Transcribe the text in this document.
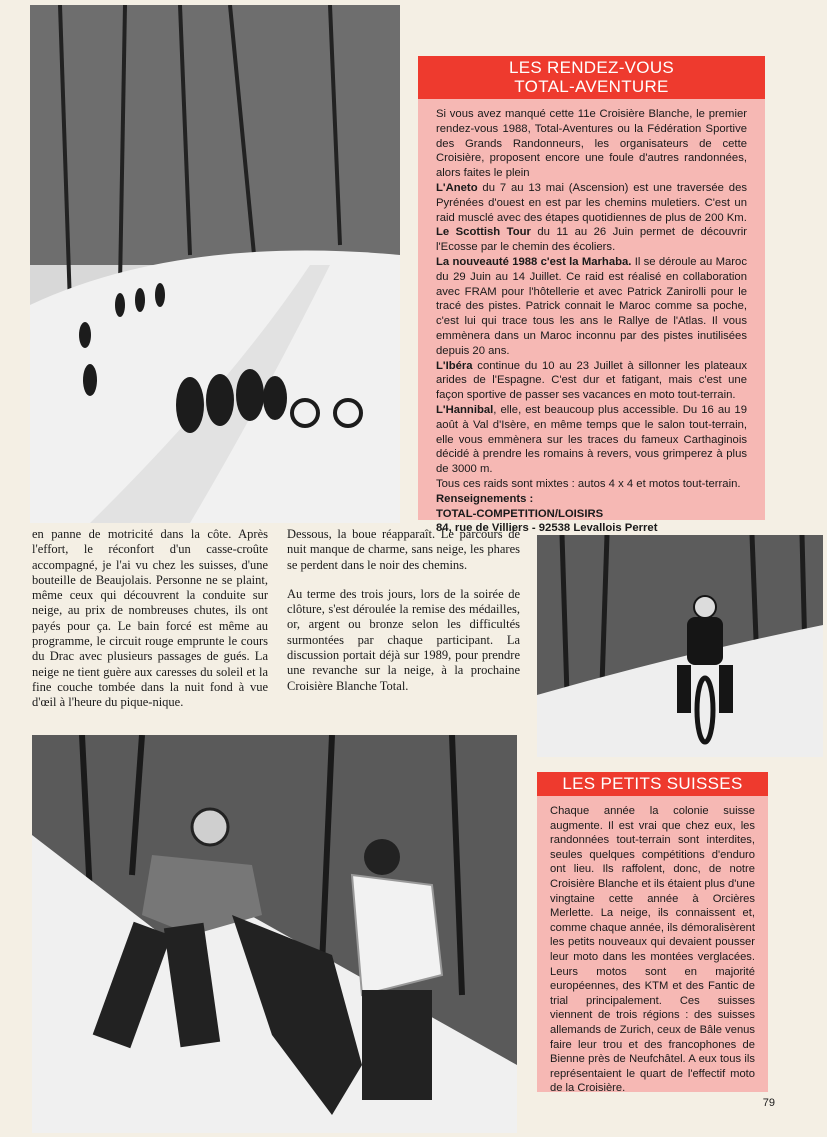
LES RENDEZ-VOUS
TOTAL-AVENTURE

Si vous avez manqué cette 11e Croisière Blanche, le premier rendez-vous 1988, Total-Aventures ou la Fédération Sportive des Grands Randonneurs, les organisateurs de cette Croisière, proposent encore une foule d'autres randonnées, alors faites le plein

L'Aneto du 7 au 13 mai (Ascension) est une traversée des Pyrénées d'ouest en est par les chemins muletiers. C'est un raid musclé avec des étapes quotidiennes de plus de 200 Km.

Le Scottish Tour du 11 au 26 Juin permet de découvrir l'Ecosse par le chemin des écoliers.

La nouveauté 1988 c'est la Marhaba. Il se déroule au Maroc du 29 Juin au 14 Juillet. Ce raid est réalisé en collaboration avec FRAM pour l'hôtellerie et avec Patrick Zanirolli pour le tracé des pistes. Patrick connait le Maroc comme sa poche, c'est lui qui trace tous les ans le Rallye de l'Atlas. Il vous emmènera dans un Maroc inconnu par des pistes inutilisées depuis 20 ans.

L'Ibéra continue du 10 au 23 Juillet à sillonner les plateaux arides de l'Espagne. C'est dur et fatigant, mais c'est une façon sportive de passer ses vacances en moto tout-terrain.

L'Hannibal, elle, est beaucoup plus accessible. Du 16 au 19 août à Val d'Isère, en même temps que le salon tout-terrain, elle vous emmènera sur les traces du fameux Carthaginois décidé à prendre les romains à revers, vous grimperez à plus de 3000 m.

Tous ces raids sont mixtes : autos 4 x 4 et motos tout-terrain.

Renseignements :

TOTAL-COMPETITION/LOISIRS

84, rue de Villiers - 92538 Levallois Perret

en panne de motricité dans la côte. Après l'effort, le réconfort d'un casse-croûte accompagné, je l'ai vu chez les suisses, d'une bouteille de Beaujolais. Personne ne se plaint, même ceux qui découvrent la conduite sur neige, au prix de nombreuses chutes, ils ont payés pour ça. Le bain forcé est même au programme, le circuit rouge emprunte le cours du Drac avec plusieurs passages de gués. La neige ne tient guère aux caresses du soleil et la fine couche tombée dans la nuit fond à vue d'œil à l'heure du pique-nique.

Dessous, la boue réapparaît. Le parcours de nuit manque de charme, sans neige, les phares se perdent dans le noir des chemins.

Au terme des trois jours, lors de la soirée de clôture, s'est déroulée la remise des médailles, or, argent ou bronze selon les difficultés surmontées par chaque participant. La discussion portait déjà sur 1989, pour prendre une revanche sur la neige, à la prochaine Croisière Blanche Total.

LES PETITS SUISSES

Chaque année la colonie suisse augmente. Il est vrai que chez eux, les randonnées tout-terrain sont interdites, seules quelques compétitions d'enduro ont lieu. Ils raffolent, donc, de notre Croisière Blanche et ils étaient plus d'une vingtaine cette année à Orcières Merlette. La neige, ils connaissent et, comme chaque année, ils démoralisèrent les petits nouveaux qui devaient pousser leur moto dans les montées verglacées. Leurs motos sont en majorité européennes, des KTM et des Fantic de trial principalement. Ces suisses viennent de trois régions : des suisses allemands de Zurich, ceux de Bâle venus faire leur trou et des francophones de Bienne près de Neufchâtel. A eux tous ils représentaient le quart de l'effectif moto de la Croisière.

79
